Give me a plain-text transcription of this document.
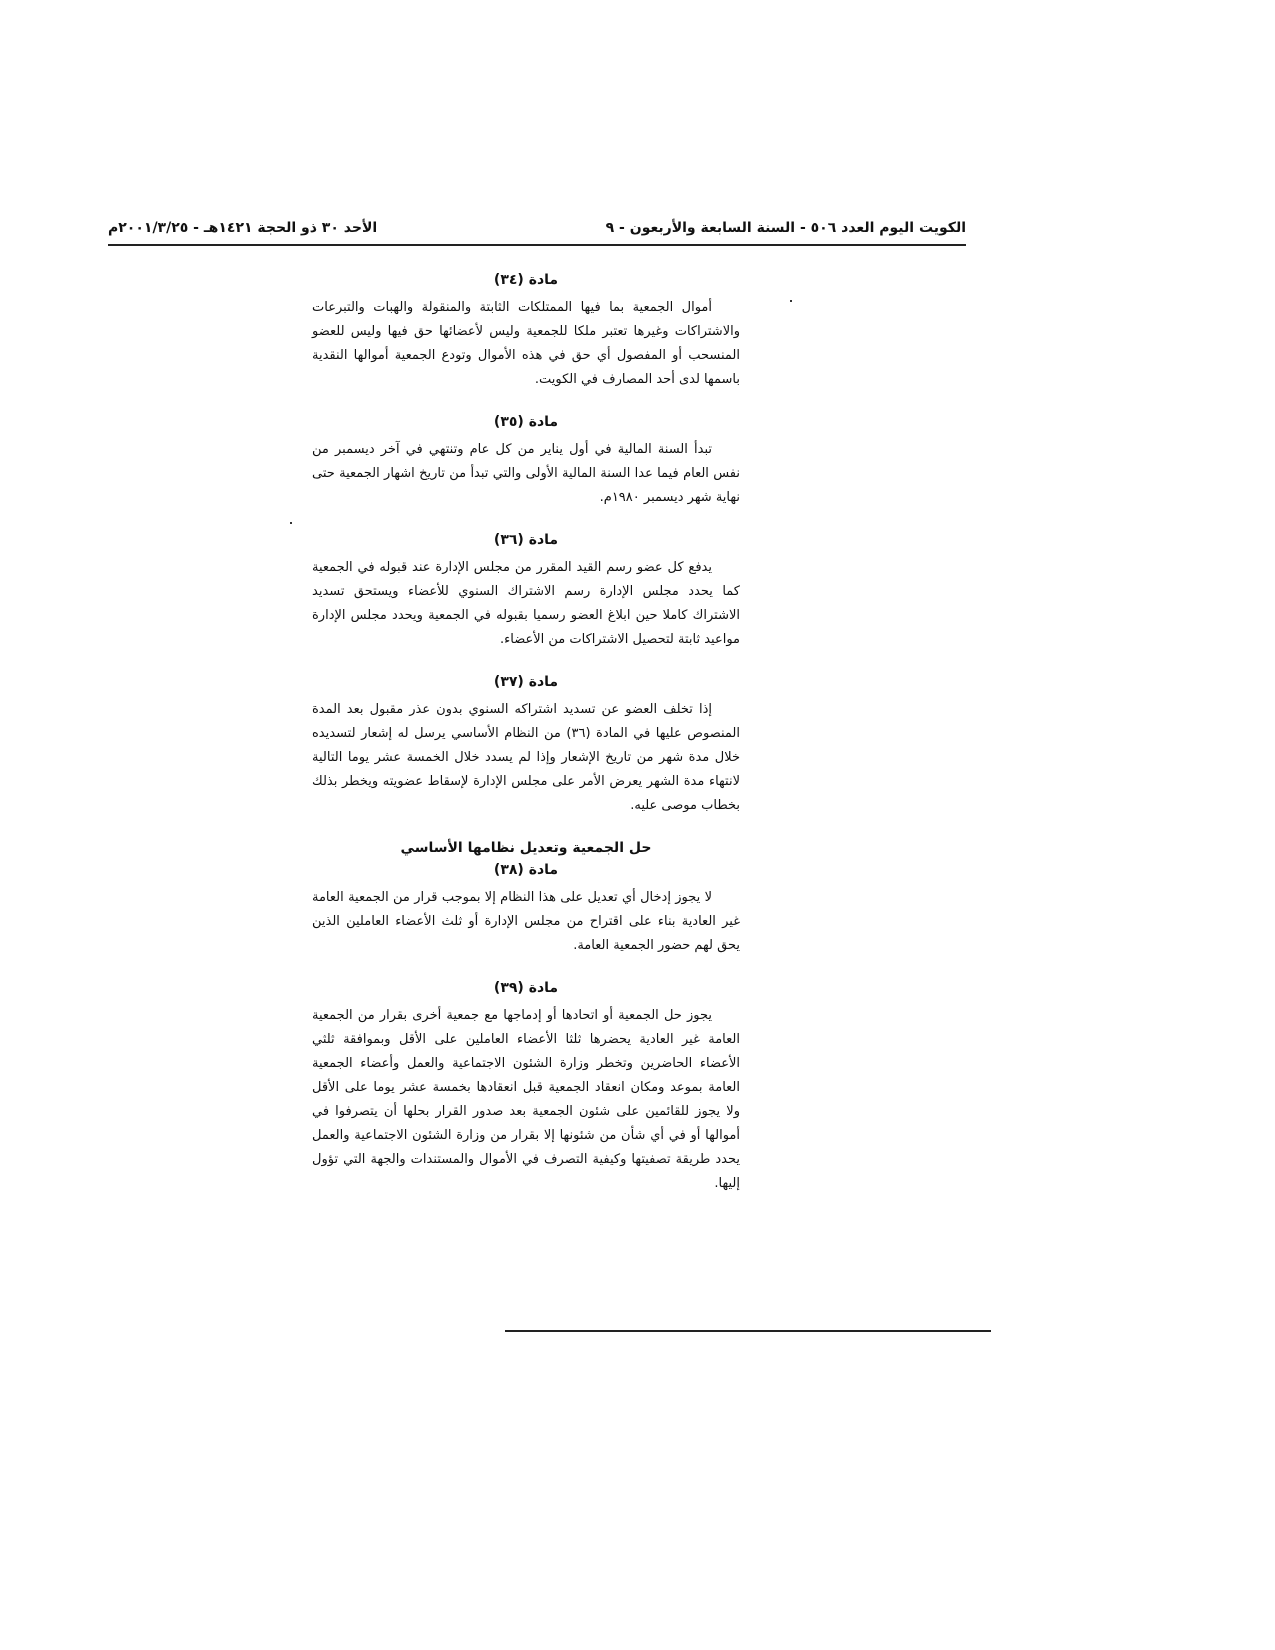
الكويت اليوم العدد ٥٠٦ - السنة السابعة والأربعون - ٩
الأحد ٣٠ ذو الحجة ١٤٢١هـ - ٢٠٠١/٣/٢٥م
مادة (٣٤)

أموال الجمعية بما فيها الممتلكات الثابتة والمنقولة والهبات والتبرعات والاشتراكات وغيرها تعتبر ملكا للجمعية وليس لأعضائها حق فيها وليس للعضو المنسحب أو المفصول أي حق في هذه الأموال وتودع الجمعية أموالها النقدية باسمها لدى أحد المصارف في الكويت.

مادة (٣٥)

تبدأ السنة المالية في أول يناير من كل عام وتنتهي في آخر ديسمبر من نفس العام فيما عدا السنة المالية الأولى والتي تبدأ من تاريخ اشهار الجمعية حتى نهاية شهر ديسمبر ١٩٨٠م.

مادة (٣٦)

يدفع كل عضو رسم القيد المقرر من مجلس الإدارة عند قبوله في الجمعية كما يحدد مجلس الإدارة رسم الاشتراك السنوي للأعضاء ويستحق تسديد الاشتراك كاملا حين ابلاغ العضو رسميا بقبوله في الجمعية ويحدد مجلس الإدارة مواعيد ثابتة لتحصيل الاشتراكات من الأعضاء.

مادة (٣٧)

إذا تخلف العضو عن تسديد اشتراكه السنوي بدون عذر مقبول بعد المدة المنصوص عليها في المادة (٣٦) من النظام الأساسي يرسل له إشعار لتسديده خلال مدة شهر من تاريخ الإشعار وإذا لم يسدد خلال الخمسة عشر يوما التالية لانتهاء مدة الشهر يعرض الأمر على مجلس الإدارة لإسقاط عضويته ويخطر بذلك بخطاب موصى عليه.

حل الجمعية وتعديل نظامها الأساسي
مادة (٣٨)

لا يجوز إدخال أي تعديل على هذا النظام إلا بموجب قرار من الجمعية العامة غير العادية بناء على اقتراح من مجلس الإدارة أو ثلث الأعضاء العاملين الذين يحق لهم حضور الجمعية العامة.

مادة (٣٩)

يجوز حل الجمعية أو اتحادها أو إدماجها مع جمعية أخرى بقرار من الجمعية العامة غير العادية يحضرها ثلثا الأعضاء العاملين على الأقل وبموافقة ثلثي الأعضاء الحاضرين وتخطر وزارة الشئون الاجتماعية والعمل وأعضاء الجمعية العامة بموعد ومكان انعقاد الجمعية قبل انعقادها بخمسة عشر يوما على الأقل ولا يجوز للقائمين على شئون الجمعية بعد صدور القرار بحلها أن يتصرفوا في أموالها أو في أي شأن من شئونها إلا بقرار من وزارة الشئون الاجتماعية والعمل يحدد طريقة تصفيتها وكيفية التصرف في الأموال والمستندات والجهة التي تؤول إليها.
